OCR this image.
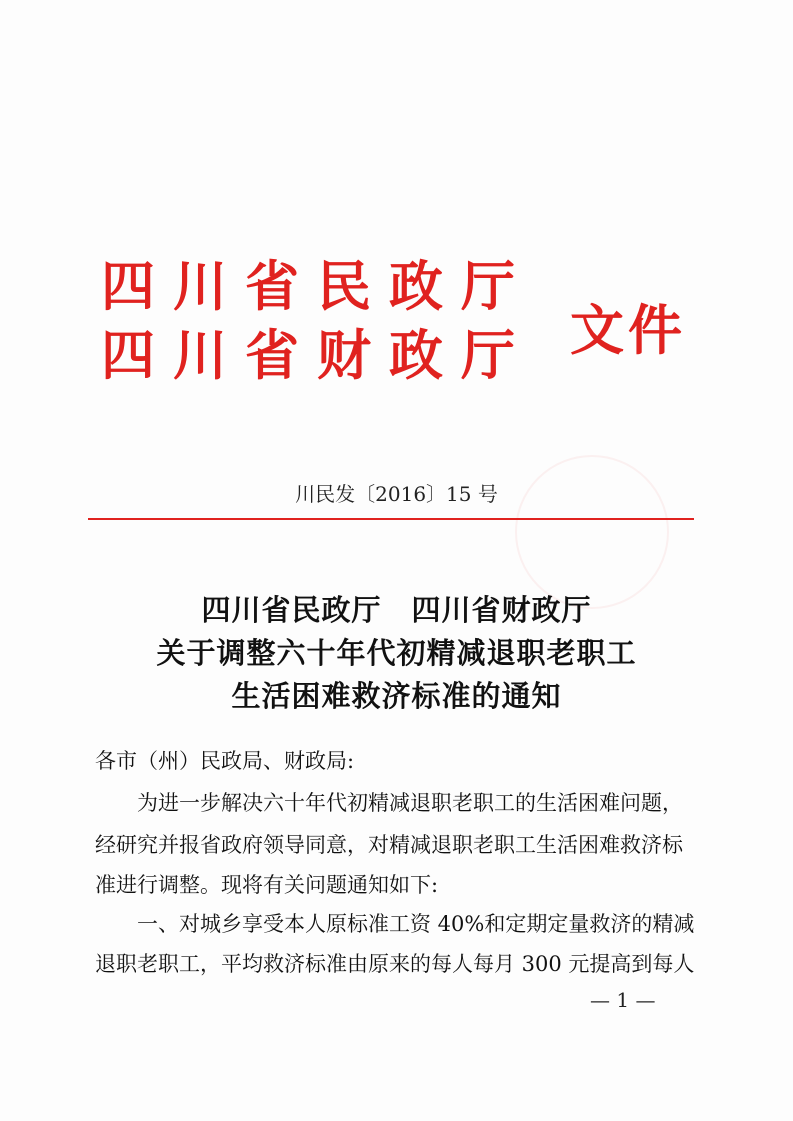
四 川 省 民 政 厅
四 川 省 财 政 厅 文件
川民发〔2016〕15 号
四川省民政厅　四川省财政厅
关于调整六十年代初精减退职老职工
生活困难救济标准的通知
各市（州）民政局、财政局:
为进一步解决六十年代初精减退职老职工的生活困难问题，
经研究并报省政府领导同意，对精减退职老职工生活困难救济标
准进行调整。现将有关问题通知如下:
一、对城乡享受本人原标准工资 40%和定期定量救济的精减
退职老职工，平均救济标准由原来的每人每月 300 元提高到每人
— 1 —
